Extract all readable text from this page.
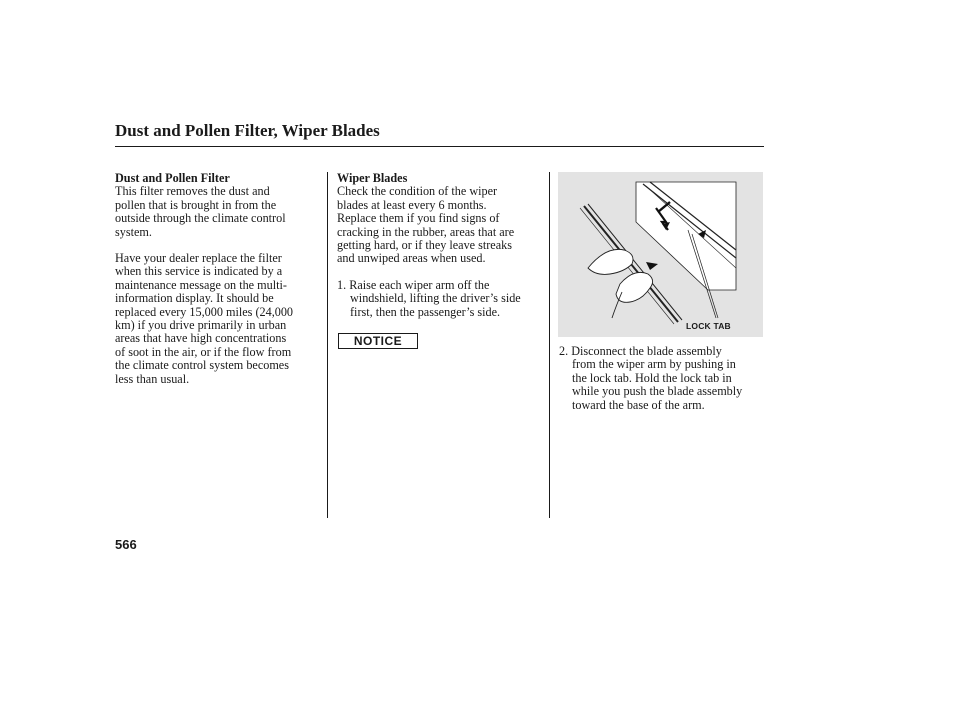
Dust and Pollen Filter, Wiper Blades

Dust and Pollen Filter

This filter removes the dust and

pollen that is brought in from the

outside through the climate control

system.

Have your dealer replace the filter

when this service is indicated by a

maintenance message on the multi-

information display. It should be

replaced every 15,000 miles (24,000

km) if you drive primarily in urban

areas that have high concentrations

of soot in the air, or if the flow from

the climate control system becomes

less than usual.

Wiper Blades

Check the condition of the wiper

blades at least every 6 months.

Replace them if you find signs of

cracking in the rubber, areas that are

getting hard, or if they leave streaks

and unwiped areas when used.

1. Raise each wiper arm off the

windshield, lifting the driver’s side

first, then the passenger’s side.

NOTICE
LOCK TAB

2. Disconnect the blade assembly

from the wiper arm by pushing in

the lock tab. Hold the lock tab in

while you push the blade assembly

toward the base of the arm.

566
